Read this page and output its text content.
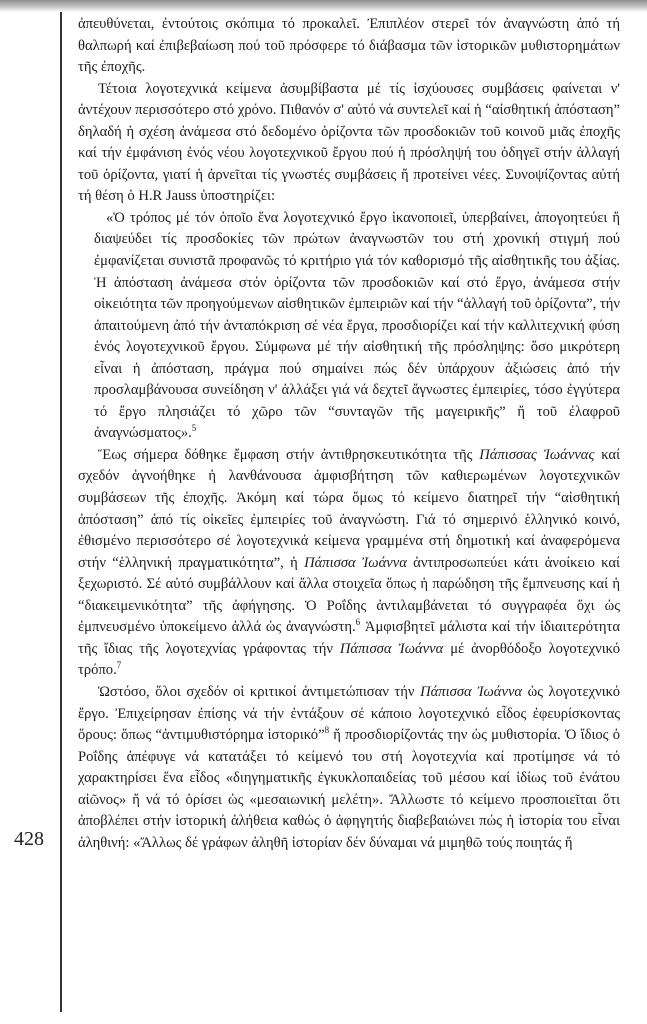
428

ἀπευθύνεται, ἐντούτοις σκόπιμα τό προκαλεῖ. Ἐπιπλέον στερεῖ τόν ἀναγνώστη ἀπό τή θαλπωρή καί ἐπιβεβαίωση πού τοῦ πρόσφερε τό διάβασμα τῶν ἱστορικῶν μυθιστορημάτων τῆς ἐποχῆς.

Τέτοια λογοτεχνικά κείμενα ἀσυμβίβαστα μέ τίς ἰσχύουσες συμβάσεις φαίνεται ν' ἀντέχουν περισσότερο στό χρόνο. Πιθανόν σ' αὐτό νά συντελεῖ καί ἡ “αἰσθητική ἀπόσταση” δηλαδή ἡ σχέση ἀνάμεσα στό δεδομένο ὁρίζοντα τῶν προσδοκιῶν τοῦ κοινοῦ μιᾶς ἐποχῆς καί τήν ἐμφάνιση ἑνός νέου λογοτεχνικοῦ ἔργου πού ἡ πρόσληψή του ὁδηγεῖ στήν ἀλλαγή τοῦ ὁρίζοντα, γιατί ἡ ἀρνεῖται τίς γνωστές συμβάσεις ἤ προτείνει νέες. Συνοψίζοντας αὐτή τή θέση ὁ H.R Jauss ὑποστηρίζει:

«Ὁ τρόπος μέ τόν ὁποῖο ἕνα λογοτεχνικό ἔργο ἱκανοποιεῖ, ὑπερβαίνει, ἀπογοητεύει ἤ διαψεύδει τίς προσδοκίες τῶν πρώτων ἀναγνωστῶν του στή χρονική στιγμή πού ἐμφανίζεται συνιστᾶ προφανῶς τό κριτήριο γιά τόν καθορισμό τῆς αἰσθητικῆς του ἀξίας. Ἡ ἀπόσταση ἀνάμεσα στόν ὁρίζοντα τῶν προσδοκιῶν καί στό ἔργο, ἀνάμεσα στήν οἰκειότητα τῶν προηγούμενων αἰσθητικῶν ἐμπειριῶν καί τήν “ἀλλαγή τοῦ ὁρίζοντα”, τήν ἀπαιτούμενη ἀπό τήν ἀνταπόκριση σέ νέα ἔργα, προσδιορίζει καί τήν καλλιτεχνική φύση ἑνός λογοτεχνικοῦ ἔργου. Σύμφωνα μέ τήν αἰσθητική τῆς πρόσληψης: ὅσο μικρότερη εἶναι ἡ ἀπόσταση, πράγμα πού σημαίνει πώς δέν ὑπάρχουν ἀξιώσεις ἀπό τήν προσλαμβάνουσα συνείδηση ν' ἀλλάξει γιά νά δεχτεῖ ἄγνωστες ἐμπειρίες, τόσο ἐγγύτερα τό ἔργο πλησιάζει τό χῶρο τῶν “συνταγῶν τῆς μαγειρικῆς” ἤ τοῦ ἐλαφροῦ ἀναγνώσματος».$^5$

Ἕως σήμερα δόθηκε ἔμφαση στήν ἀντιθρησκευτικότητα τῆς Πάπισσας Ἰωάννας καί σχεδόν ἀγνοήθηκε ἡ λανθάνουσα ἀμφισβήτηση τῶν καθιερωμένων λογοτεχνικῶν συμβάσεων τῆς ἐποχῆς. Ἀκόμη καί τώρα ὅμως τό κείμενο διατηρεῖ τήν “αἰσθητική ἀπόσταση” ἀπό τίς οἰκεῖες ἐμπειρίες τοῦ ἀναγνώστη. Γιά τό σημερινό ἑλληνικό κοινό, ἐθισμένο περισσότερο σέ λογοτεχνικά κείμενα γραμμένα στή δημοτική καί ἀναφερόμενα στήν “ἑλληνική πραγματικότητα”, ἡ Πάπισσα Ἰωάννα ἀντιπροσωπεύει κάτι ἀνοίκειο καί ξεχωριστό. Σέ αὐτό συμβάλλουν καί ἄλλα στοιχεῖα ὅπως ἡ παρώδηση τῆς ἔμπνευσης καί ἡ “διακειμενικότητα” τῆς ἀφήγησης. Ὁ Ροΐδης ἀντιλαμβάνεται τό συγγραφέα ὄχι ὡς ἐμπνευσμένο ὑποκείμενο ἀλλά ὡς ἀναγνώστη.$^6$ Ἀμφισβητεῖ μάλιστα καί τήν ἰδιαιτερότητα τῆς ἴδιας τῆς λογοτεχνίας γράφοντας τήν Πάπισσα Ἰωάννα μέ ἀνορθόδοξο λογοτεχνικό τρόπο.$^7$

Ὡστόσο, ὅλοι σχεδόν οἱ κριτικοί ἀντιμετώπισαν τήν Πάπισσα Ἰωάννα ὡς λογοτεχνικό ἔργο. Ἐπιχείρησαν ἐπίσης νά τήν ἐντάξουν σέ κάποιο λογοτεχνικό εἶδος ἐφευρίσκοντας ὅρους: ὅπως “ἀντιμυθιστόρημα ἱστορικό”$^8$ ἤ προσδιορίζοντάς την ὡς μυθιστορία. Ὁ ἴδιος ὁ Ροΐδης ἀπέφυγε νά κατατάξει τό κείμενό του στή λογοτεχνία καί προτίμησε νά τό χαρακτηρίσει ἕνα εἶδος «διηγηματικῆς ἐγκυκλοπαιδείας τοῦ μέσου καί ἰδίως τοῦ ἐνάτου αἰῶνος» ἤ νά τό ὁρίσει ὡς «μεσαιωνική μελέτη». Ἄλλωστε τό κείμενο προσποιεῖται ὅτι ἀποβλέπει στήν ἱστορική ἀλήθεια καθώς ὁ ἀφηγητής διαβεβαιώνει πώς ἡ ἱστορία του εἶναι ἀληθινή: «Ἄλλως δέ γράφων ἀληθῆ ἱστορίαν δέν δύναμαι νά μιμηθῶ τούς ποιητάς ἤ
